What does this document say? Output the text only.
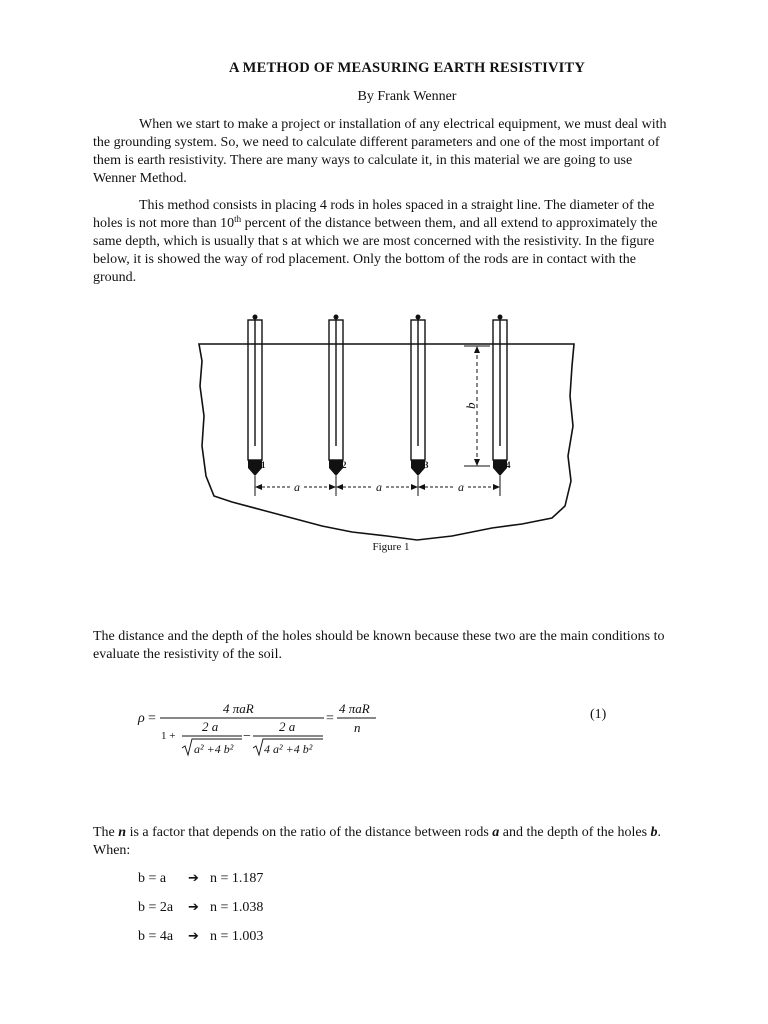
A METHOD OF MEASURING EARTH RESISTIVITY
By Frank Wenner

When we start to make a project or installation of any electrical equipment, we must deal with the grounding system. So, we need to calculate different parameters and one of the most important of them is earth resistivity. There are many ways to calculate it, in this material we are going to use Wenner Method.

This method consists in placing 4 rods in holes spaced in a straight line. The diameter of the holes is not more than 10th percent of the distance between them, and all extend to approximately the same depth, which is usually that s at which we are most concerned with the resistivity. In the figure below, it is showed the way of rod placement. Only the bottom of the rods are in contact with the ground.

1	2	3	4
b
a	a	a
Figure 1

The distance and the depth of the holes should be known because these two are the main conditions to evaluate the resistivity of the soil.

ρ =
4 πaR
1 +
2 a
a² +4 b²
−
2 a
4 a² +4 b²
=
4 πaR
n
(1)

The n is a factor that depends on the ratio of the distance between rods a and the depth of the holes b. When:

b = a ➔ n = 1.187
b = 2a ➔ n = 1.038
b = 4a ➔ n = 1.003
